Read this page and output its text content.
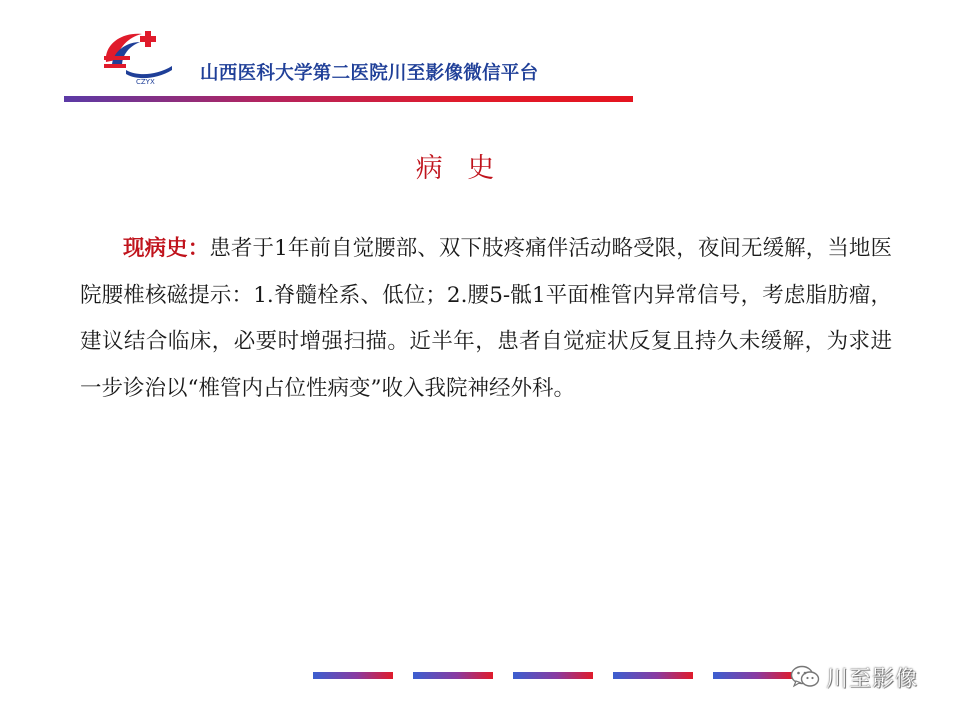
CZYX 山西医科大学第二医院川至影像微信平台
病 史
现病史：患者于1年前自觉腰部、双下肢疼痛伴活动略受限，夜间无缓解，当地医院腰椎核磁提示：1.脊髓栓系、低位；2.腰5-骶1平面椎管内异常信号，考虑脂肪瘤，建议结合临床，必要时增强扫描。近半年，患者自觉症状反复且持久未缓解，为求进一步诊治以“椎管内占位性病变”收入我院神经外科。
川至影像
